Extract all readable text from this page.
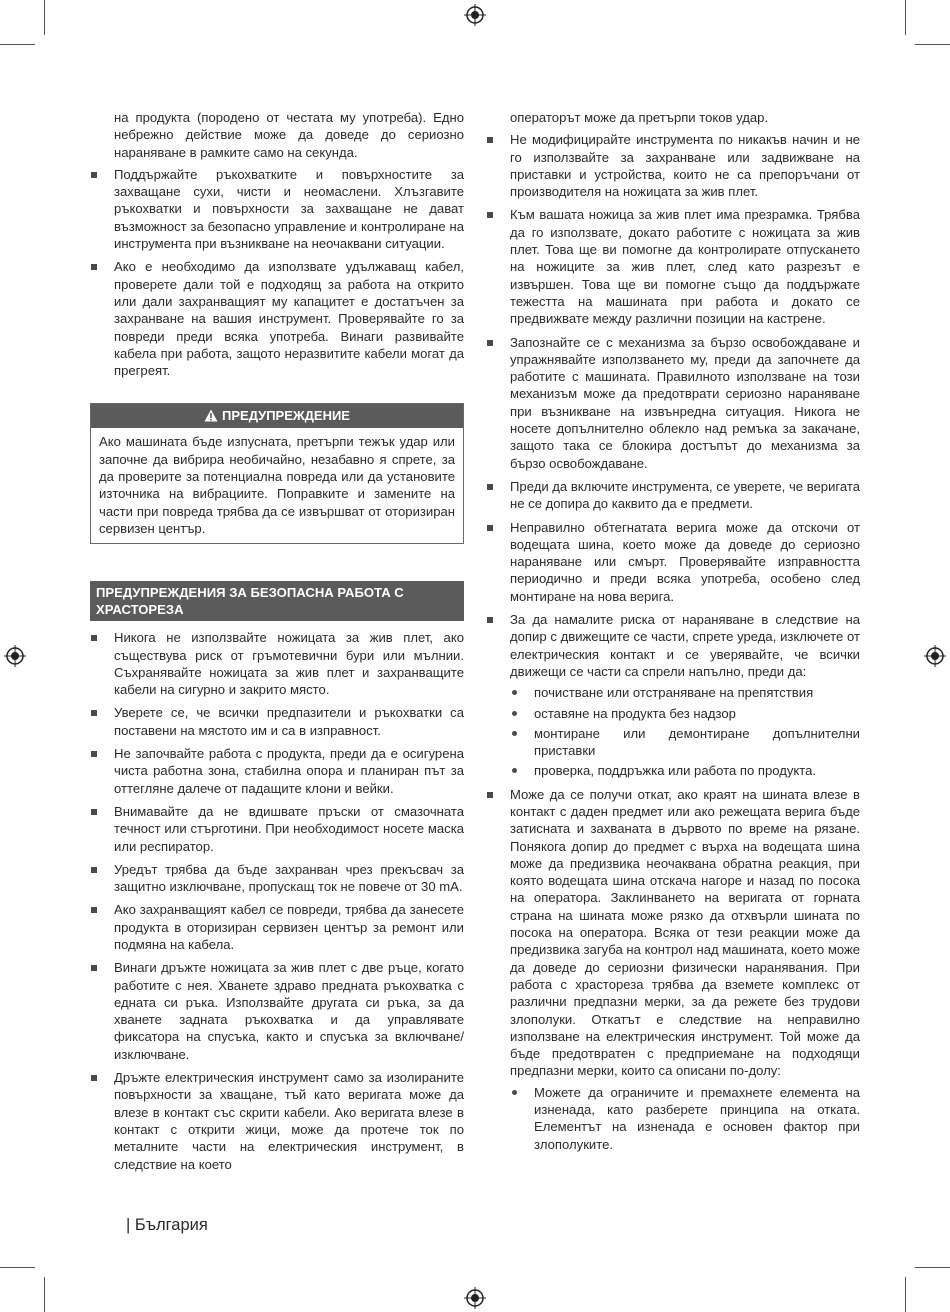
на продукта (породено от честата му употреба). Едно небрежно действие може да доведе до сериозно нараняване в рамките само на секунда.

Поддържайте ръкохватките и повърхностите за захващане сухи, чисти и неомаслени. Хлъзгавите ръкохватки и повърхности за захващане не дават възможност за безопасно управление и контролиране на инструмента при възникване на неочаквани ситуации.
Ако е необходимо да използвате удължаващ кабел, проверете дали той е подходящ за работа на открито или дали захранващият му капацитет е достатъчен за захранване на вашия инструмент. Проверявайте го за повреди преди всяка употреба. Винаги развивайте кабела при работа, защото неразвитите кабели могат да прегреят.
ПРЕДУПРЕЖДЕНИЕ
Ако машината бъде изпусната, претърпи тежък удар или започне да вибрира необичайно, незабавно я спрете, за да проверите за потенциална повреда или да установите източника на вибрациите. Поправките и замените на части при повреда трябва да се извършват от оторизиран сервизен център.
ПРЕДУПРЕЖДЕНИЯ ЗА БЕЗОПАСНА РАБОТА С ХРАСТОРЕЗА
Никога не използвайте ножицата за жив плет, ако съществува риск от гръмотевични бури или мълнии. Съхранявайте ножицата за жив плет и захранващите кабели на сигурно и закрито място.
Уверете се, че всички предпазители и ръкохватки са поставени на мястото им и са в изправност.
Не започвайте работа с продукта, преди да е осигурена чиста работна зона, стабилна опора и планиран път за оттегляне далече от падащите клони и вейки.
Внимавайте да не вдишвате пръски от смазочната течност или стърготини. При необходимост носете маска или респиратор.
Уредът трябва да бъде захранван чрез прекъсвач за защитно изключване, пропускащ ток не повече от 30 mA.
Ако захранващият кабел се повреди, трябва да занесете продукта в оторизиран сервизен център за ремонт или подмяна на кабела.
Винаги дръжте ножицата за жив плет с две ръце, когато работите с нея. Хванете здраво предната ръкохватка с едната си ръка. Използвайте другата си ръка, за да хванете задната ръкохватка и да управлявате фиксатора на спусъка, както и спусъка за включване/изключване.
Дръжте електрическия инструмент само за изолираните повърхности за хващане, тъй като веригата може да влезе в контакт със скрити кабели. Ако веригата влезе в контакт с открити жици, може да протече ток по металните части на електрическия инструмент, в следствие на което

операторът може да претърпи токов удар.

Не модифицирайте инструмента по никакъв начин и не го използвайте за захранване или задвижване на приставки и устройства, които не са препоръчани от производителя на ножицата за жив плет.
Към вашата ножица за жив плет има презрамка. Трябва да го използвате, докато работите с ножицата за жив плет. Това ще ви помогне да контролирате отпускането на ножиците за жив плет, след като разрезът е извършен. Това ще ви помогне също да поддържате тежестта на машината при работа и докато се предвижвате между различни позиции на кастрене.
Запознайте се с механизма за бързо освобождаване и упражнявайте използването му, преди да започнете да работите с машината. Правилното използване на този механизъм може да предотврати сериозно нараняване при възникване на извънредна ситуация. Никога не носете допълнително облекло над ремъка за закачане, защото така се блокира достъпът до механизма за бързо освобождаване.
Преди да включите инструмента, се уверете, че веригата не се допира до каквито да е предмети.
Неправилно обтегнатата верига може да отскочи от водещата шина, което може да доведе до сериозно нараняване или смърт. Проверявайте изправността периодично и преди всяка употреба, особено след монтиране на нова верига.
За да намалите риска от нараняване в следствие на допир с движещите се части, спрете уреда, изключете от електрическия контакт и се уверявайте, че всички движещи се части са спрели напълно, преди да:
почистване или отстраняване на препятствия
оставяне на продукта без надзор
монтиране или демонтиране допълнителни приставки
проверка, поддръжка или работа по продукта.
Може да се получи откат, ако краят на шината влезе в контакт с даден предмет или ако режещата верига бъде затисната и захваната в дървото по време на рязане. Понякога допир до предмет с върха на водещата шина може да предизвика неочаквана обратна реакция, при която водещата шина отскача нагоре и назад по посока на оператора. Заклинването на веригата от горната страна на шината може рязко да отхвърли шината по посока на оператора. Всяка от тези реакции може да предизвика загуба на контрол над машината, което може да доведе до сериозни физически наранявания. При работа с храстореза трябва да вземете комплекс от различни предпазни мерки, за да режете без трудови злополуки. Откатът е следствие на неправилно използване на електрическия инструмент. Той може да бъде предотвратен с предприемане на подходящи предпазни мерки, които са описани по-долу:
Можете да ограничите и премахнете елемента на изненада, като разберете принципа на отката. Елементът на изненада е основен фактор при злополуките.
| България
